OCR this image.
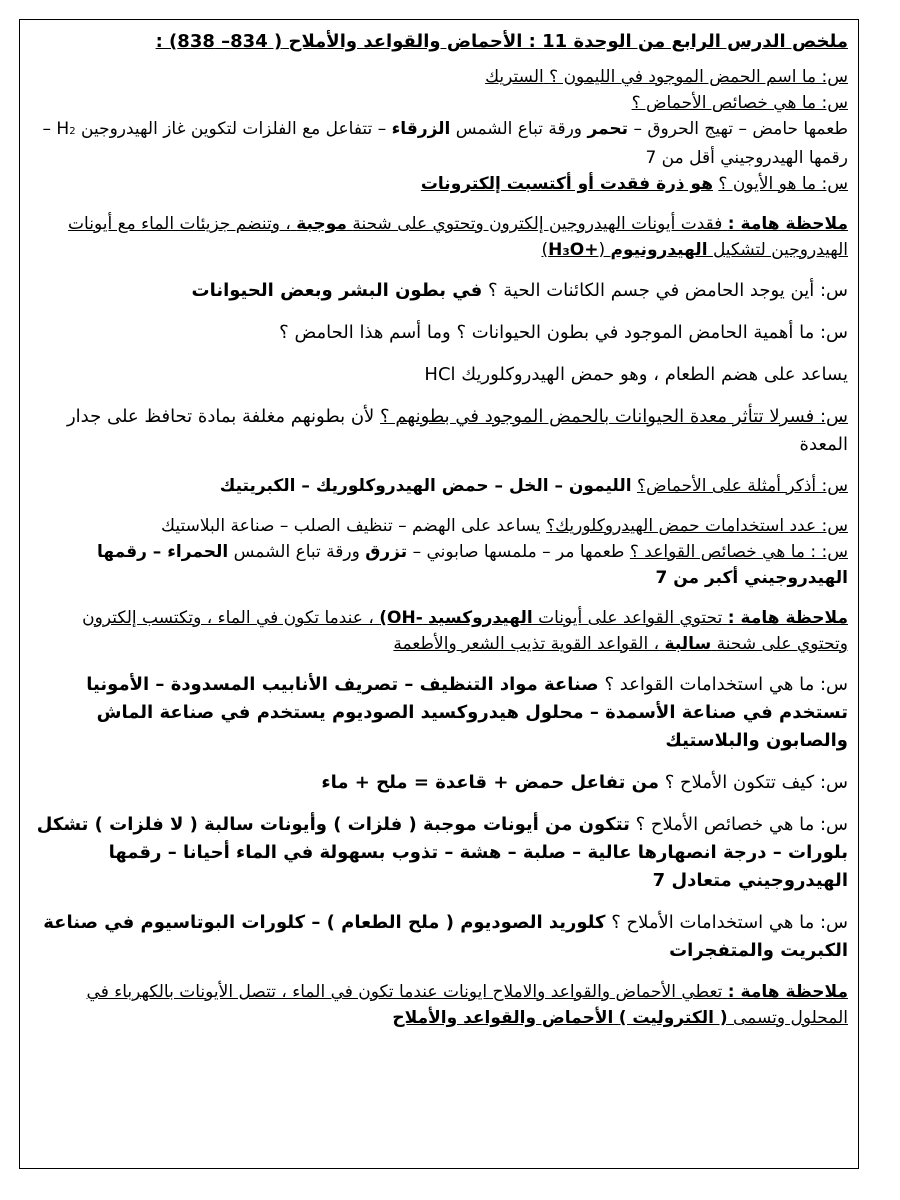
ملخص الدرس الرابع من الوحدة 11 : الأحماض والقواعد والأملاح ( 834– 838) :

س: ما اسم الحمض الموجود في الليمون ؟ الستريك

س: ما هي خصائص الأحماض ؟

طعمها حامض – تهيج الحروق – تحمر ورقة تباع الشمس الزرقاء – تتفاعل مع الفلزات لتكوين غاز الهيدروجين H2 – رقمها الهيدروجيني أقل من 7

س: ما هو الأيون ؟ هو ذرة فقدت أو أكتسبت إلكترونات

ملاحظة هامة : فقدت أيونات الهيدروجين إلكترون وتحتوي على شحنة موجبة ، وتنضم جزيئات الماء مع أيونات الهيدروجين لتشكيل الهيدرونيوم (H₃O+)

س: أين يوجد الحامض في جسم الكائنات الحية ؟ في بطون البشر وبعض الحيوانات

س: ما أهمية الحامض الموجود في بطون الحيوانات ؟ وما أسم هذا الحامض ؟

يساعد على هضم الطعام ، وهو حمض الهيدروكلوريك HCl

س: فسرلا تتأثر معدة الحيوانات بالحمض الموجود في بطونهم ؟ لأن بطونهم مغلفة بمادة تحافظ على جدار المعدة

س: أذكر أمثلة على الأحماض؟ الليمون – الخل – حمض الهيدروكلوريك – الكبريتيك

س: عدد استخدامات حمض الهيدروكلوريك؟ يساعد على الهضم – تنظيف الصلب – صناعة البلاستيك

س: : ما هي خصائص القواعد ؟ طعمها مر – ملمسها صابوني – تزرق ورقة تباع الشمس الحمراء – رقمها الهيدروجيني أكبر من 7

ملاحظة هامة : تحتوي القواعد على أيونات الهيدروكسيد (OH- ، عندما تكون في الماء ، وتكتسب إلكترون وتحتوي على شحنة سالبة ، القواعد القوية تذيب الشعر والأطعمة

س: ما هي استخدامات القواعد ؟ صناعة مواد التنظيف – تصريف الأنابيب المسدودة – الأمونيا تستخدم في صناعة الأسمدة – محلول هيدروكسيد الصوديوم يستخدم في صناعة الماش والصابون والبلاستيك

س: كيف تتكون الأملاح ؟ من تفاعل حمض + قاعدة = ملح + ماء

س: ما هي خصائص الأملاح ؟ تتكون من أيونات موجبة ( فلزات ) وأيونات سالبة ( لا فلزات ) تشكل بلورات – درجة انصهارها عالية – صلبة – هشة – تذوب بسهولة في الماء أحيانا – رقمها الهيدروجيني متعادل 7

س: ما هي استخدامات الأملاح ؟ كلوريد الصوديوم ( ملح الطعام ) – كلورات البوتاسيوم في صناعة الكبريت والمتفجرات

ملاحظة هامة : تعطي الأحماض والقواعد والاملاح ايونات عندما تكون في الماء ، تتصل الأيونات بالكهرباء في المحلول وتسمى ( الكتروليت ) الأحماض والقواعد والأملاح
